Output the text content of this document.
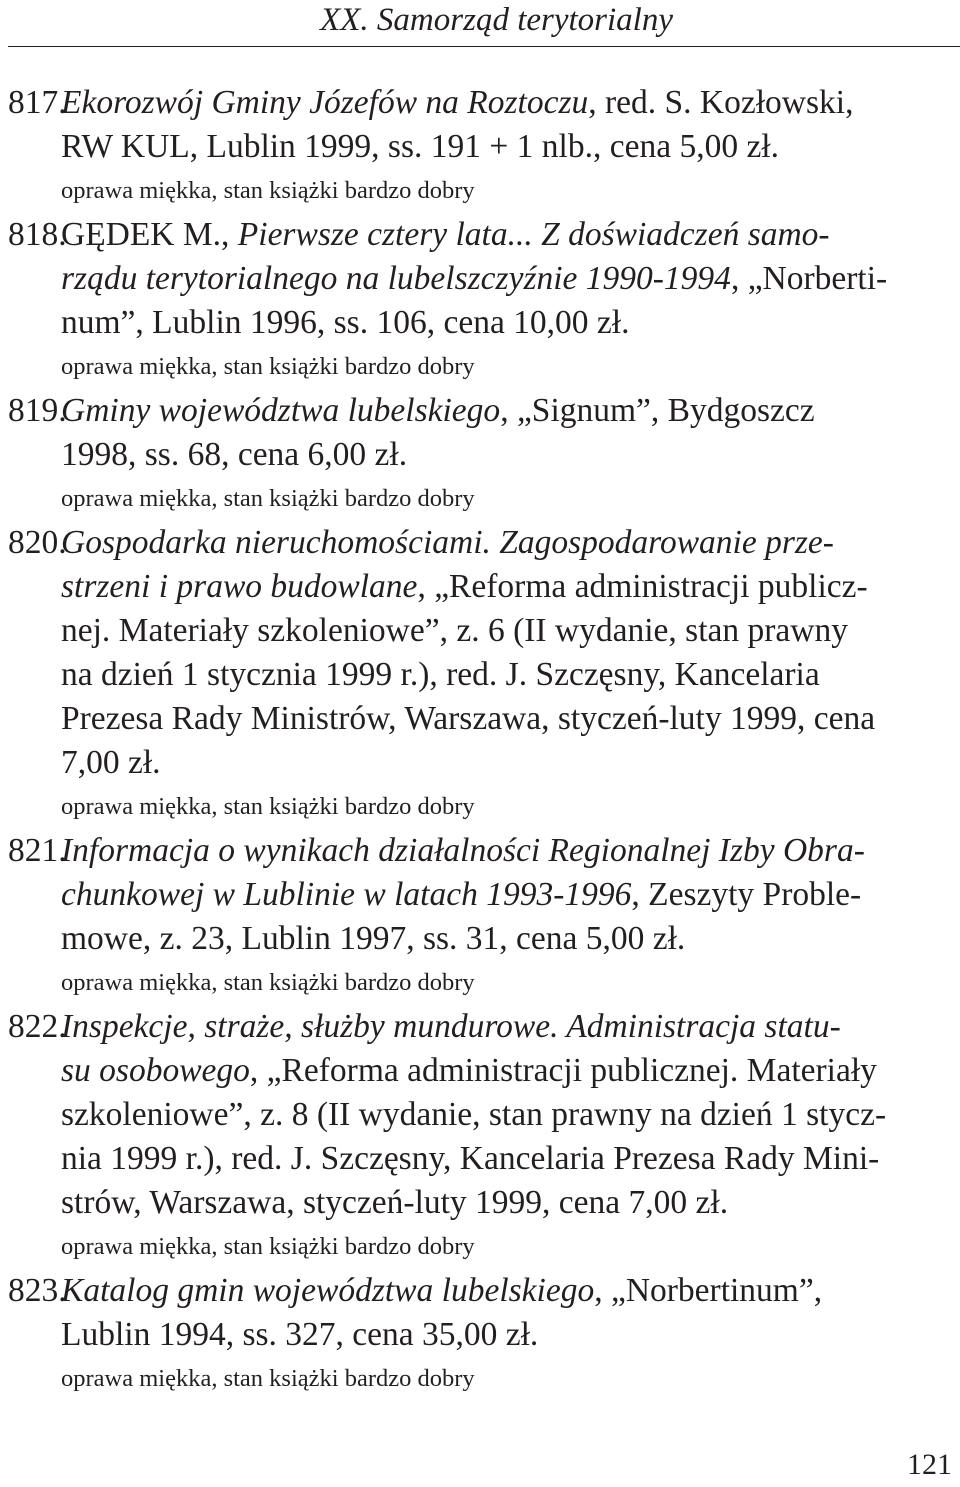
XX. Samorząd terytorialny
817.Ekorozwój Gminy Józefów na Roztoczu, red. S. Kozłowski,
RW KUL, Lublin 1999, ss. 191 + 1 nlb., cena 5,00 zł.
oprawa miękka, stan książki bardzo dobry
818.GĘDEK M., Pierwsze cztery lata... Z doświadczeń samo-
rządu terytorialnego na lubelszczyźnie 1990-1994, „Norberti-
num”, Lublin 1996, ss. 106, cena 10,00 zł.
oprawa miękka, stan książki bardzo dobry
819.Gminy województwa lubelskiego, „Signum”, Bydgoszcz
1998, ss. 68, cena 6,00 zł.
oprawa miękka, stan książki bardzo dobry
820.Gospodarka nieruchomościami. Zagospodarowanie prze-
strzeni i prawo budowlane, „Reforma administracji publicz-
nej. Materiały szkoleniowe”, z. 6 (II wydanie, stan prawny
na dzień 1 stycznia 1999 r.), red. J. Szczęsny, Kancelaria
Prezesa Rady Ministrów, Warszawa, styczeń-luty 1999, cena
7,00 zł.
oprawa miękka, stan książki bardzo dobry
821.Informacja o wynikach działalności Regionalnej Izby Obra-
chunkowej w Lublinie w latach 1993-1996, Zeszyty Proble-
mowe, z. 23, Lublin 1997, ss. 31, cena 5,00 zł.
oprawa miękka, stan książki bardzo dobry
822.Inspekcje, straże, służby mundurowe. Administracja statu-
su osobowego, „Reforma administracji publicznej. Materiały
szkoleniowe”, z. 8 (II wydanie, stan prawny na dzień 1 stycz-
nia 1999 r.), red. J. Szczęsny, Kancelaria Prezesa Rady Mini-
strów, Warszawa, styczeń-luty 1999, cena 7,00 zł.
oprawa miękka, stan książki bardzo dobry
823.Katalog gmin województwa lubelskiego, „Norbertinum”,
Lublin 1994, ss. 327, cena 35,00 zł.
oprawa miękka, stan książki bardzo dobry
121
